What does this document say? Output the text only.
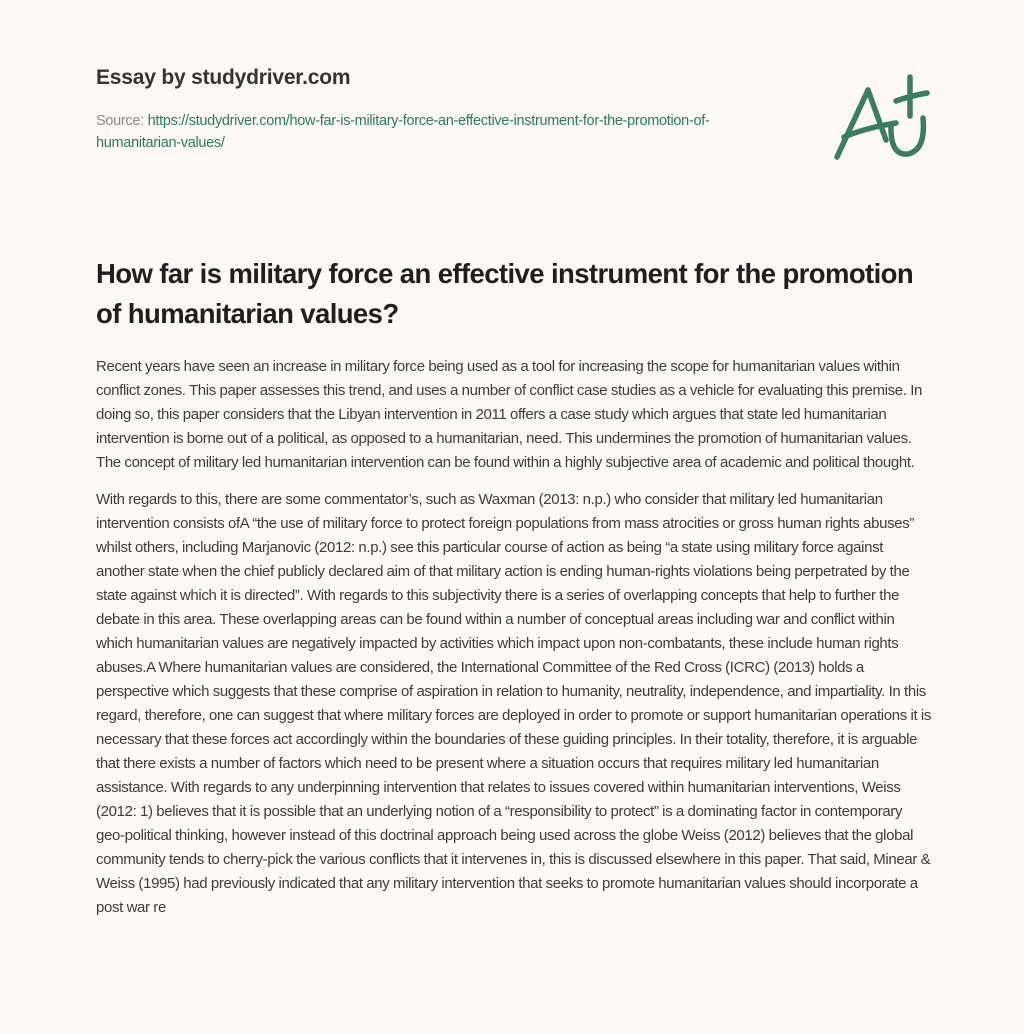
Essay by studydriver.com
Source: https://studydriver.com/how-far-is-military-force-an-effective-instrument-for-the-promotion-of-humanitarian-values/
How far is military force an effective instrument for the promotion of humanitarian values?

Recent years have seen an increase in military force being used as a tool for increasing the scope for humanitarian values within conflict zones. This paper assesses this trend, and uses a number of conflict case studies as a vehicle for evaluating this premise. In doing so, this paper considers that the Libyan intervention in 2011 offers a case study which argues that state led humanitarian intervention is borne out of a political, as opposed to a humanitarian, need. This undermines the promotion of humanitarian values. The concept of military led humanitarian intervention can be found within a highly subjective area of academic and political thought.

With regards to this, there are some commentator’s, such as Waxman (2013: n.p.) who consider that military led humanitarian intervention consists ofA “the use of military force to protect foreign populations from mass atrocities or gross human rights abuses” whilst others, including Marjanovic (2012: n.p.) see this particular course of action as being “a state using military force against another state when the chief publicly declared aim of that military action is ending human-rights violations being perpetrated by the state against which it is directed”. With regards to this subjectivity there is a series of overlapping concepts that help to further the debate in this area. These overlapping areas can be found within a number of conceptual areas including war and conflict within which humanitarian values are negatively impacted by activities which impact upon non-combatants, these include human rights abuses.A Where humanitarian values are considered, the International Committee of the Red Cross (ICRC) (2013) holds a perspective which suggests that these comprise of aspiration in relation to humanity, neutrality, independence, and impartiality. In this regard, therefore, one can suggest that where military forces are deployed in order to promote or support humanitarian operations it is necessary that these forces act accordingly within the boundaries of these guiding principles. In their totality, therefore, it is arguable that there exists a number of factors which need to be present where a situation occurs that requires military led humanitarian assistance. With regards to any underpinning intervention that relates to issues covered within humanitarian interventions, Weiss (2012: 1) believes that it is possible that an underlying notion of a “responsibility to protect” is a dominating factor in contemporary geo-political thinking, however instead of this doctrinal approach being used across the globe Weiss (2012) believes that the global community tends to cherry-pick the various conflicts that it intervenes in, this is discussed elsewhere in this paper. That said, Minear & Weiss (1995) had previously indicated that any military intervention that seeks to promote humanitarian values should incorporate a post war re
